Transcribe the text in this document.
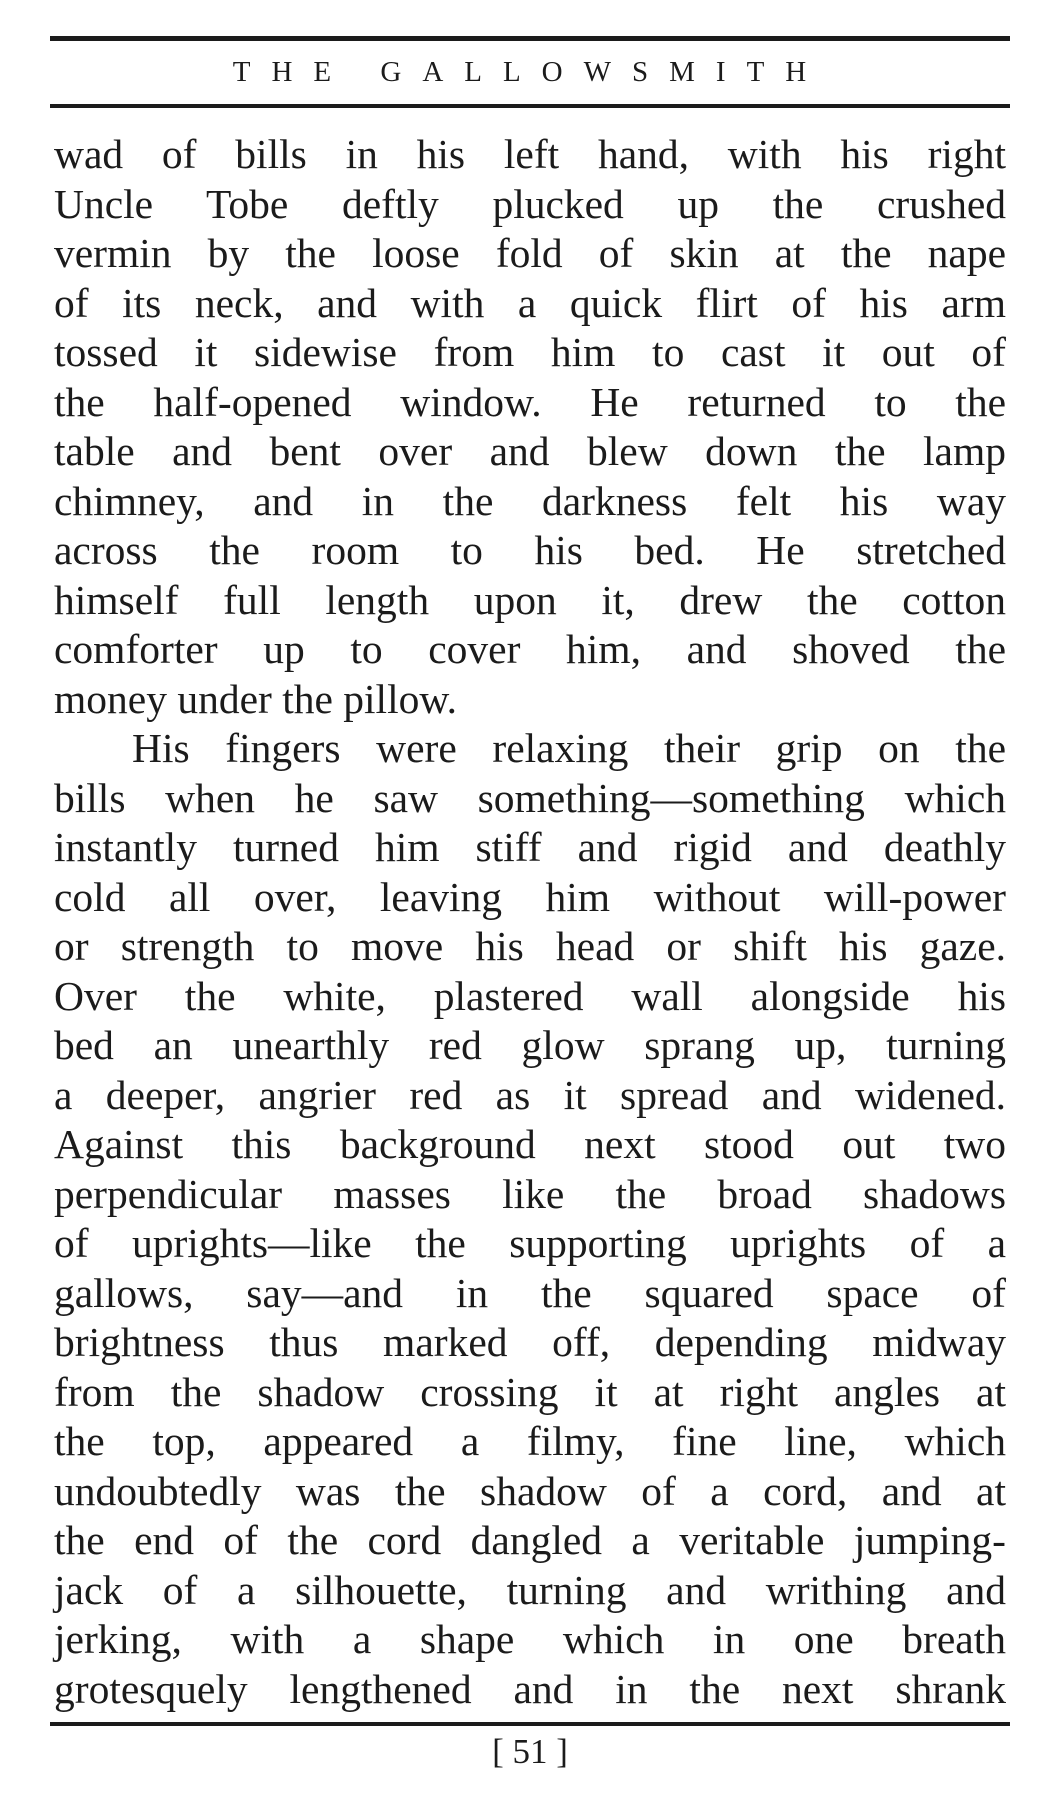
THE GALLOWSMITH
wad of bills in his left hand, with his right
Uncle Tobe deftly plucked up the crushed
vermin by the loose fold of skin at the nape
of its neck, and with a quick flirt of his arm
tossed it sidewise from him to cast it out of
the half-opened window. He returned to the
table and bent over and blew down the lamp
chimney, and in the darkness felt his way
across the room to his bed. He stretched
himself full length upon it, drew the cotton
comforter up to cover him, and shoved the
money under the pillow.
His fingers were relaxing their grip on the
bills when he saw something—something which
instantly turned him stiff and rigid and deathly
cold all over, leaving him without will-power
or strength to move his head or shift his gaze.
Over the white, plastered wall alongside his
bed an unearthly red glow sprang up, turning
a deeper, angrier red as it spread and widened.
Against this background next stood out two
perpendicular masses like the broad shadows
of uprights—like the supporting uprights of a
gallows, say—and in the squared space of
brightness thus marked off, depending midway
from the shadow crossing it at right angles at
the top, appeared a filmy, fine line, which
undoubtedly was the shadow of a cord, and at
the end of the cord dangled a veritable jumping-
jack of a silhouette, turning and writhing and
jerking, with a shape which in one breath
grotesquely lengthened and in the next shrank
[ 51 ]
